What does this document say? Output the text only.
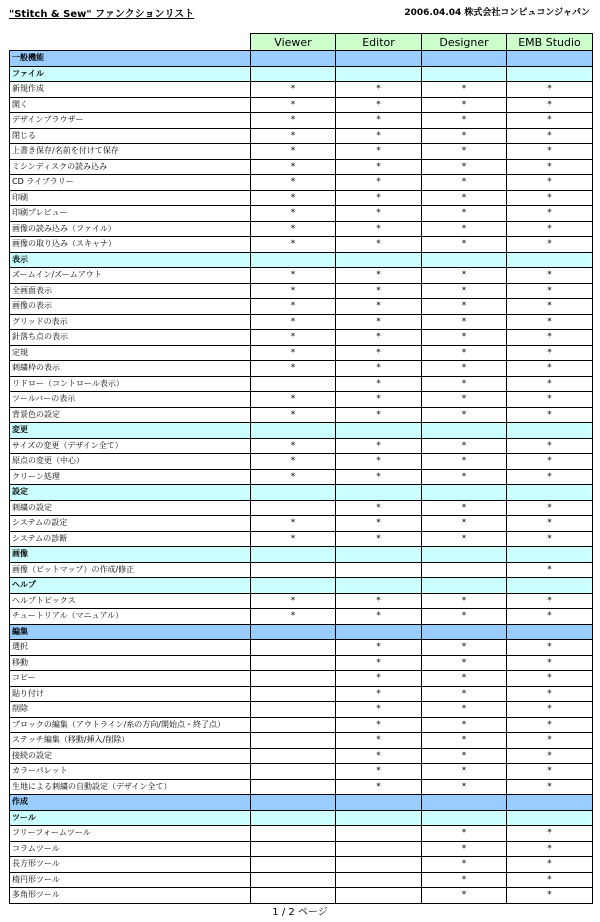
"Stitch & Sew" ファンクションリスト	2006.04.04 株式会社コンピュコンジャパン
	Viewer	Editor	Designer	EMB Studio
一般機能				
ファイル				
新規作成	*	*	*	*
開く	*	*	*	*
デザインブラウザー	*	*	*	*
閉じる	*	*	*	*
上書き保存/名前を付けて保存	*	*	*	*
ミシンディスクの読み込み	*	*	*	*
CD ライブラリー	*	*	*	*
印刷	*	*	*	*
印刷プレビュー	*	*	*	*
画像の読み込み（ファイル）	*	*	*	*
画像の取り込み（スキャナ）	*	*	*	*
表示				
ズームイン/ズームアウト	*	*	*	*
全画面表示	*	*	*	*
画像の表示	*	*	*	*
グリッドの表示	*	*	*	*
針落ち点の表示	*	*	*	*
定規	*	*	*	*
刺繍枠の表示	*	*	*	*
リドロー（コントロール表示）		*	*	*
ツールバーの表示	*	*	*	*
背景色の設定	*	*	*	*
変更				
サイズの変更（デザイン全て）	*	*	*	*
原点の変更（中心）	*	*	*	*
クリーン処理	*	*	*	*
設定				
刺繍の設定		*	*	*
システムの設定	*	*	*	*
システムの診断	*	*	*	*
画像				
画像（ビットマップ）の作成/修正				*
ヘルプ				
ヘルプトピックス	*	*	*	*
チュートリアル（マニュアル）	*	*	*	*
編集				
選択		*	*	*
移動		*	*	*
コピー		*	*	*
貼り付け		*	*	*
削除		*	*	*
ブロックの編集（アウトライン/糸の方向/開始点・終了点）		*	*	*
ステッチ編集（移動/挿入/削除）		*	*	*
接続の設定		*	*	*
カラーパレット		*	*	*
生地による刺繍の自動設定（デザイン全て）		*	*	*
作成				
ツール				
フリーフォームツール			*	*
コラムツール			*	*
長方形ツール			*	*
楕円形ツール			*	*
多角形ツール			*	*
1 / 2 ページ
